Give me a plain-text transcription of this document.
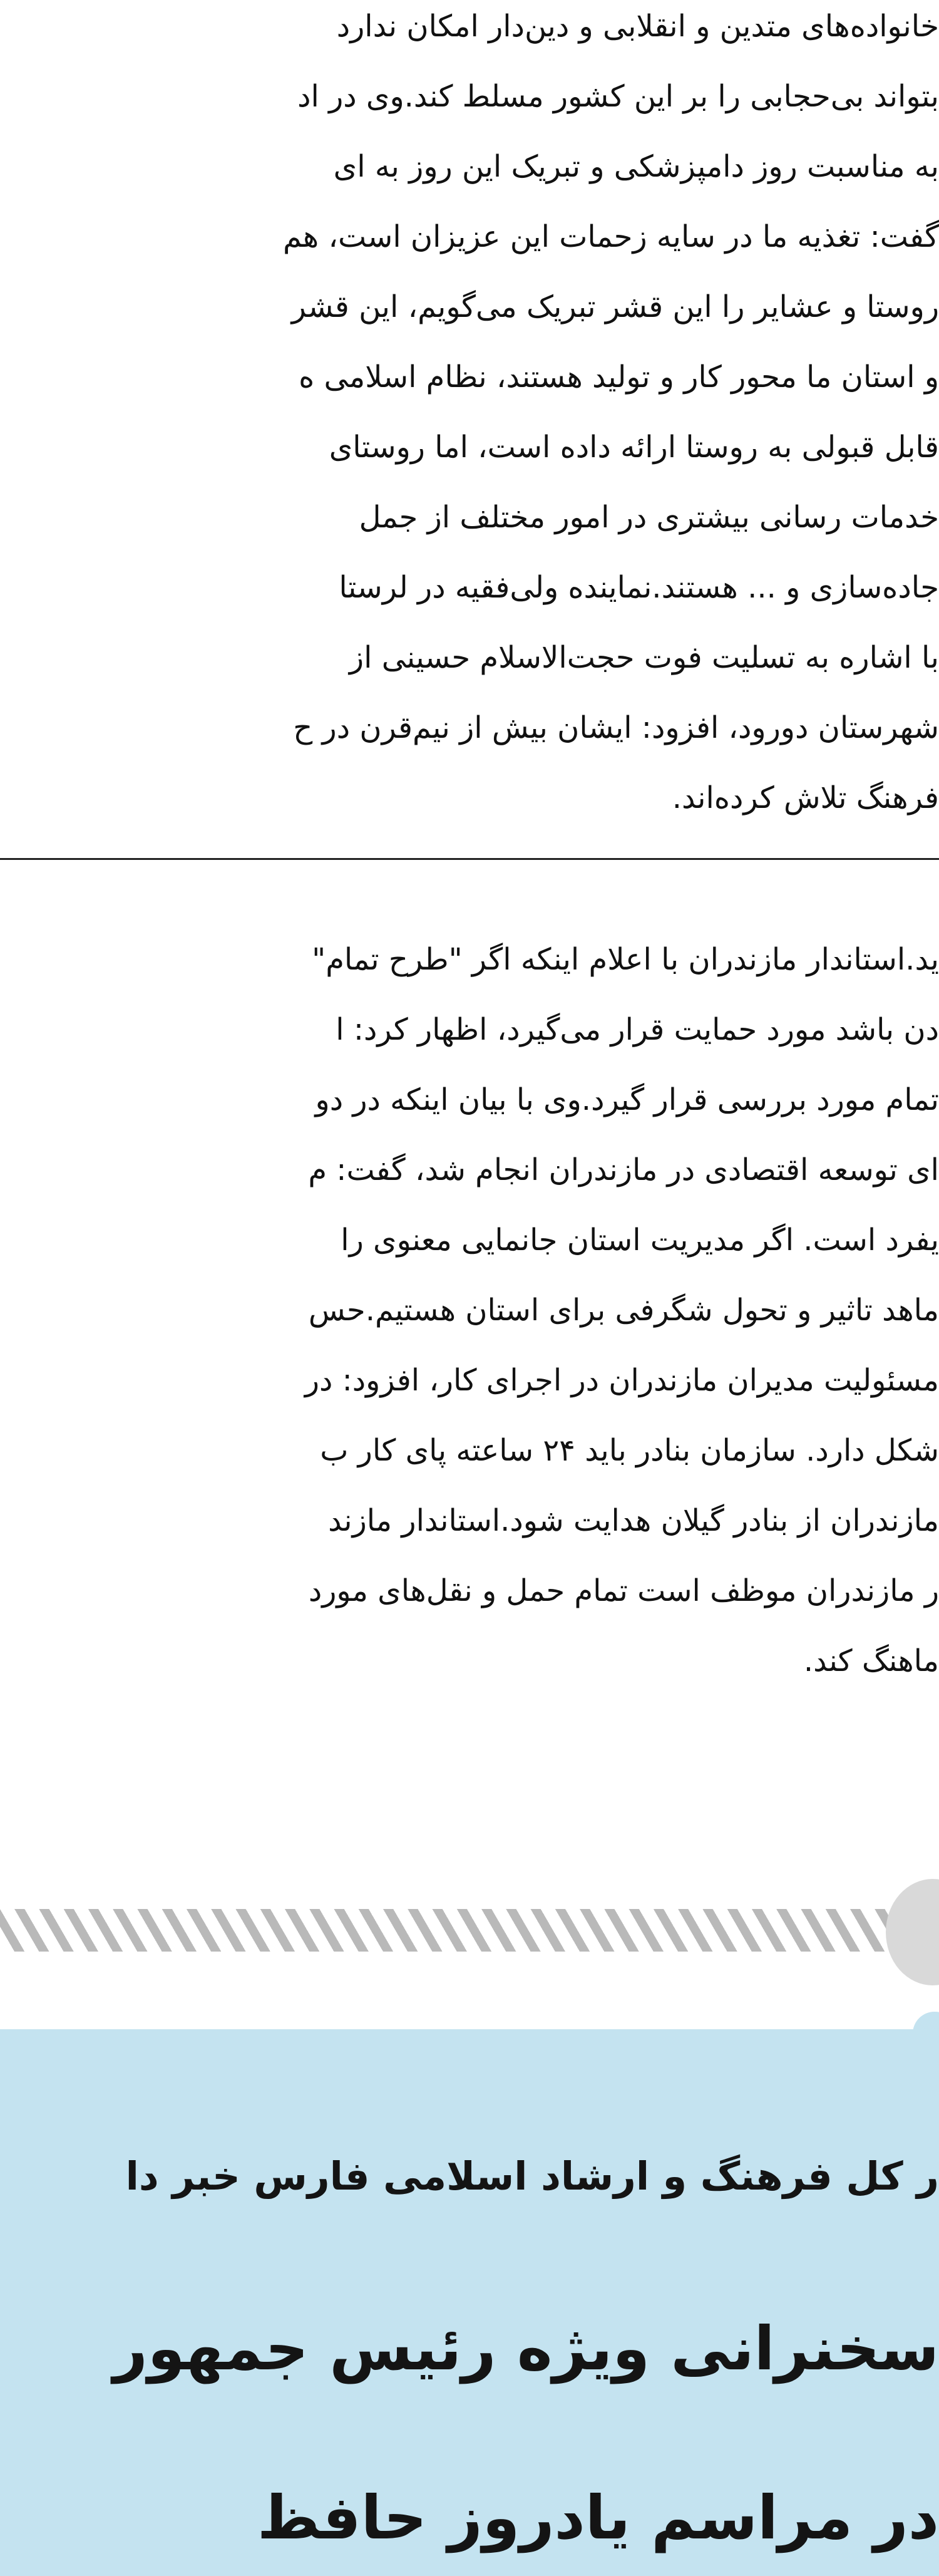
خانواده‌های متدین و انقلابی و دین‌دار امکان ندارد
بتواند بی‌حجابی را بر این کشور مسلط کند.وی در اد
به مناسبت روز دامپزشکی و تبریک این روز به ای
گفت: تغذیه ما در سایه زحمات این عزیزان است، هم
روستا و عشایر را این قشر تبریک می‌گویم، این قشر
و استان ما محور کار و تولید هستند، نظام اسلامی ه
قابل قبولی به روستا ارائه داده است، اما روستای
خدمات رسانی بیشتری در امور مختلف از جمل
جاده‌سازی و ... هستند.نماینده ولی‌فقیه در لرستا
با اشاره به تسلیت فوت حجت‌الاسلام حسینی از
شهرستان دورود، افزود: ایشان بیش از نیم‌قرن در ح
فرهنگ تلاش کرده‌اند.
ید.استاندار مازندران با اعلام اینکه اگر "طرح تمام"
دن باشد مورد حمایت قرار می‌گیرد، اظهار کرد: ا
تمام مورد بررسی قرار گیرد.وی با بیان اینکه در دو
ای توسعه اقتصادی در مازندران انجام شد، گفت: م
یفرد است. اگر مدیریت استان جانمایی معنوی را
ماهد تاثیر و تحول شگرفی برای استان هستیم.حس
مسئولیت مدیران مازندران در اجرای کار، افزود: در
شکل دارد. سازمان بنادر باید ۲۴ ساعته پای کار ب
مازندران از بنادر گیلان هدایت شود.استاندار مازند
ر مازندران موظف است تمام حمل و نقل‌های مورد
ماهنگ کند.
ر کل فرهنگ و ارشاد اسلامی فارس خبر دا
سخنرانی ویژه رئیس جمهور
در مراسم یادروز حافظ
